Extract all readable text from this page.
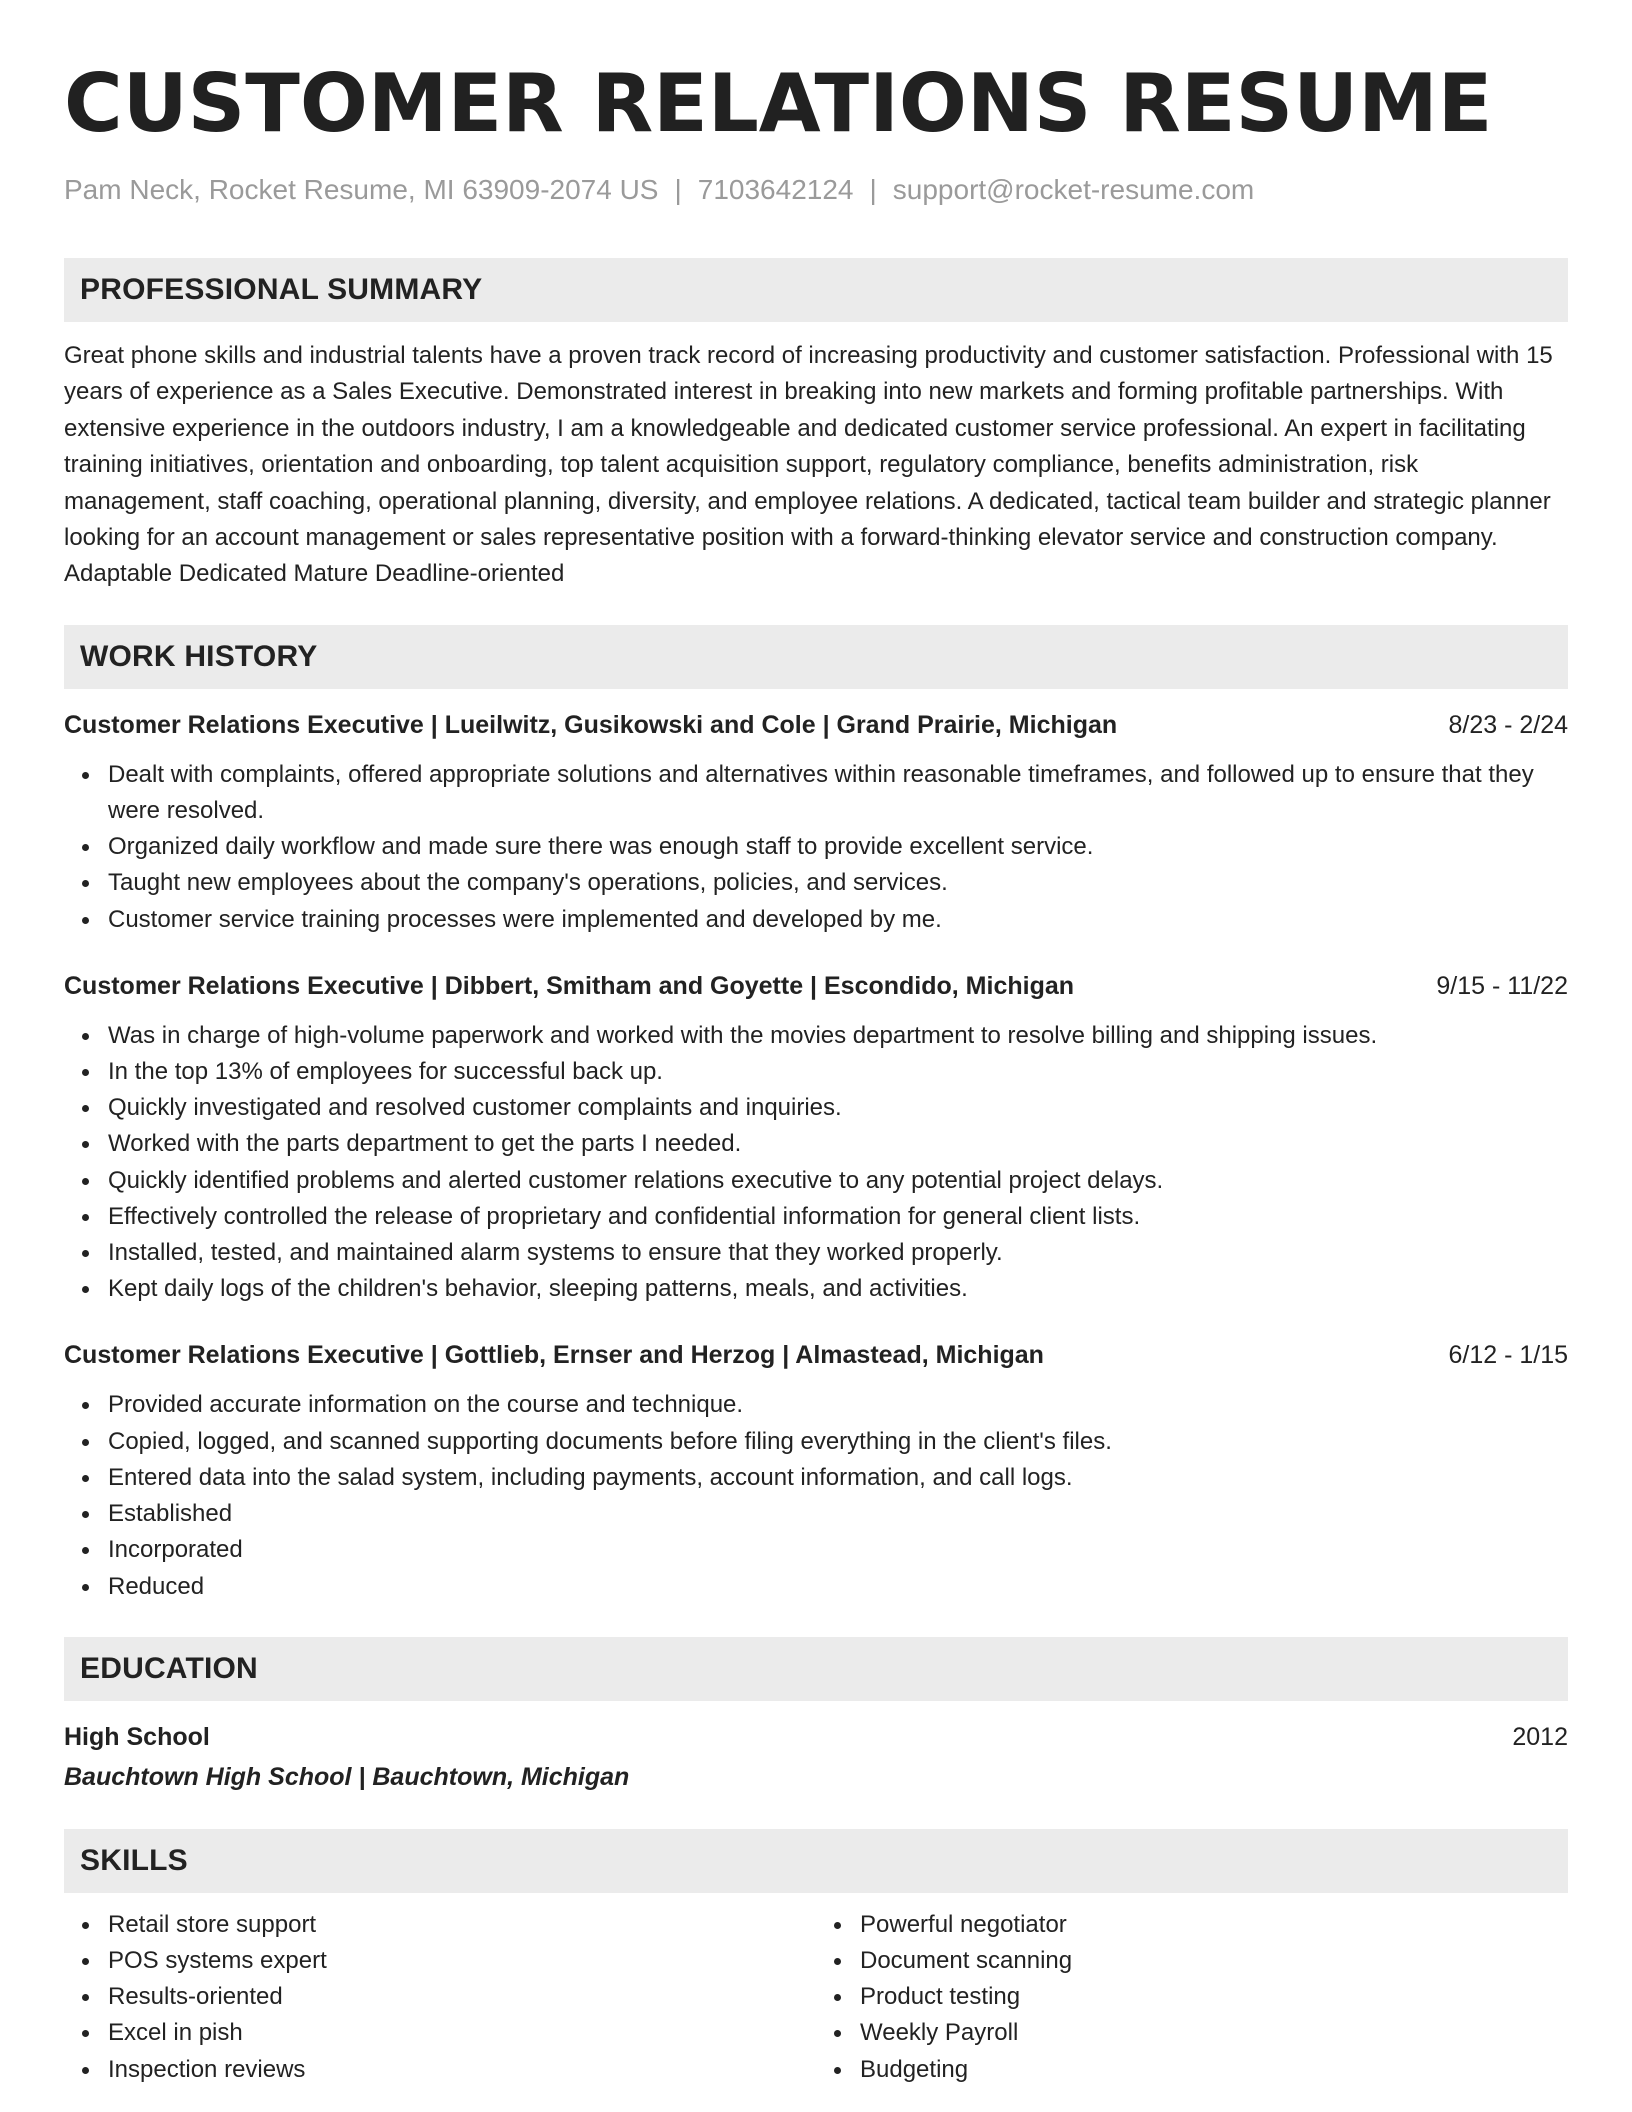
CUSTOMER RELATIONS RESUME
Pam Neck, Rocket Resume, MI 63909-2074 US | 7103642124 | support@rocket-resume.com
PROFESSIONAL SUMMARY
Great phone skills and industrial talents have a proven track record of increasing productivity and customer satisfaction. Professional with 15 years of experience as a Sales Executive. Demonstrated interest in breaking into new markets and forming profitable partnerships. With extensive experience in the outdoors industry, I am a knowledgeable and dedicated customer service professional. An expert in facilitating training initiatives, orientation and onboarding, top talent acquisition support, regulatory compliance, benefits administration, risk management, staff coaching, operational planning, diversity, and employee relations. A dedicated, tactical team builder and strategic planner looking for an account management or sales representative position with a forward-thinking elevator service and construction company. Adaptable Dedicated Mature Deadline-oriented
WORK HISTORY
Customer Relations Executive | Lueilwitz, Gusikowski and Cole | Grand Prairie, Michigan	8/23 - 2/24
Dealt with complaints, offered appropriate solutions and alternatives within reasonable timeframes, and followed up to ensure that they were resolved.
Organized daily workflow and made sure there was enough staff to provide excellent service.
Taught new employees about the company's operations, policies, and services.
Customer service training processes were implemented and developed by me.
Customer Relations Executive | Dibbert, Smitham and Goyette | Escondido, Michigan	9/15 - 11/22
Was in charge of high-volume paperwork and worked with the movies department to resolve billing and shipping issues.
In the top 13% of employees for successful back up.
Quickly investigated and resolved customer complaints and inquiries.
Worked with the parts department to get the parts I needed.
Quickly identified problems and alerted customer relations executive to any potential project delays.
Effectively controlled the release of proprietary and confidential information for general client lists.
Installed, tested, and maintained alarm systems to ensure that they worked properly.
Kept daily logs of the children's behavior, sleeping patterns, meals, and activities.
Customer Relations Executive | Gottlieb, Ernser and Herzog | Almastead, Michigan	6/12 - 1/15
Provided accurate information on the course and technique.
Copied, logged, and scanned supporting documents before filing everything in the client's files.
Entered data into the salad system, including payments, account information, and call logs.
Established
Incorporated
Reduced
EDUCATION
High School	2012
Bauchtown High School | Bauchtown, Michigan
SKILLS
Retail store support
POS systems expert
Results-oriented
Excel in pish
Inspection reviews
Powerful negotiator
Document scanning
Product testing
Weekly Payroll
Budgeting
